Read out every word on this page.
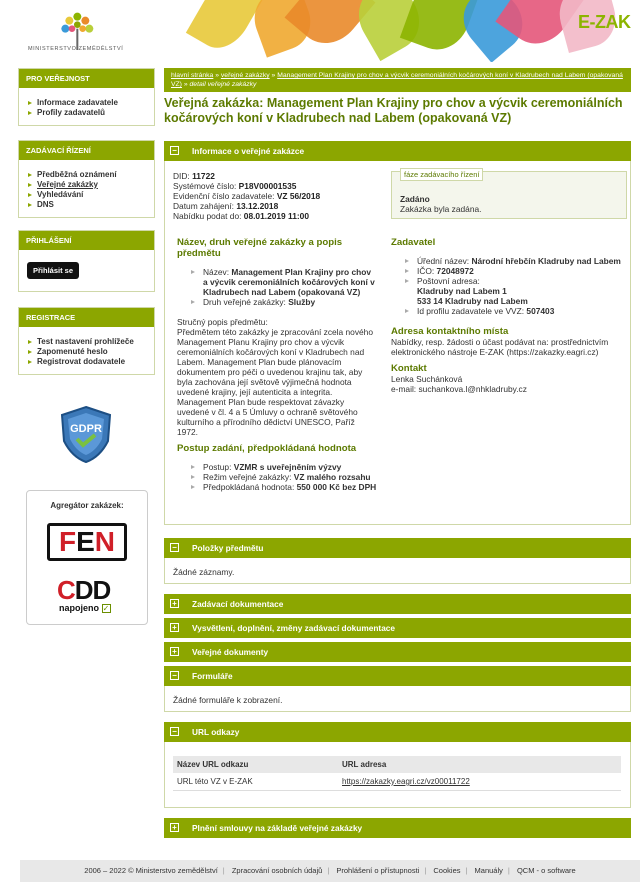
MINISTERSTVO ZEMĚDĚLSTVÍ
E-ZAK
PRO VEŘEJNOST
Informace zadavatele
Profily zadavatelů
ZADÁVACÍ ŘÍZENÍ
Předběžná oznámení
Veřejné zakázky
Vyhledávání
DNS
PŘIHLÁŠENÍ
Přihlásit se
REGISTRACE
Test nastavení prohlížeče
Zapomenuté heslo
Registrovat dodavatele
GDPR
Agregátor zakázek:
FEN
CDD
napojeno ✓
hlavní stránka » veřejné zakázky » Management Plan Krajiny pro chov a výcvik ceremoniálních kočárových koní v Kladrubech nad Labem (opakovaná VZ) » detail veřejné zakázky
Veřejná zakázka: Management Plan Krajiny pro chov a výcvik ceremoniálních kočárových koní v Kladrubech nad Labem (opakovaná VZ)
− Informace o veřejné zakázce
DID: 11722
Systémové číslo: P18V00001535
Evidenční číslo zadavatele: VZ 56/2018
Datum zahájení: 13.12.2018
Nabídku podat do: 08.01.2019 11:00
fáze zadávacího řízení
Zadáno
Zakázka byla zadána.
Název, druh veřejné zakázky a popis předmětu
Název: Management Plan Krajiny pro chov a výcvik ceremoniálních kočárových koní v Kladrubech nad Labem (opakovaná VZ)
Druh veřejné zakázky: Služby
Stručný popis předmětu:
Předmětem této zakázky je zpracování zcela nového Management Planu Krajiny pro chov a výcvik ceremoniálních kočárových koní v Kladrubech nad Labem. Management Plan bude plánovacím dokumentem pro péči o uvedenou krajinu tak, aby byla zachována její světově výjimečná hodnota uvedené krajiny, její autenticita a integrita. Management Plan bude respektovat závazky uvedené v čl. 4 a 5 Úmluvy o ochraně světového kulturního a přírodního dědictví UNESCO, Paříž 1972.
Postup zadání, předpokládaná hodnota
Postup: VZMR s uveřejněním výzvy
Režim veřejné zakázky: VZ malého rozsahu
Předpokládaná hodnota: 550 000 Kč bez DPH
Zadavatel
Úřední název: Národní hřebčín Kladruby nad Labem
IČO: 72048972
Poštovní adresa:
Kladruby nad Labem 1
533 14 Kladruby nad Labem
Id profilu zadavatele ve VVZ: 507403
Adresa kontaktního místa
Nabídky, resp. žádosti o účast podávat na: prostřednictvím elektronického nástroje E-ZAK (https://zakazky.eagri.cz)
Kontakt
Lenka Suchánková
e-mail: suchankova.l@nhkladruby.cz
− Položky předmětu
Žádné záznamy.
+ Zadávací dokumentace
+ Vysvětlení, doplnění, změny zadávací dokumentace
+ Veřejné dokumenty
− Formuláře
Žádné formuláře k zobrazení.
− URL odkazy
Název URL odkazu	URL adresa
URL této VZ v E-ZAK	https://zakazky.eagri.cz/vz00011722
+ Plnění smlouvy na základě veřejné zakázky
2006 – 2022 © Ministerstvo zemědělství | Zpracování osobních údajů | Prohlášení o přístupnosti | Cookies | Manuály | QCM - o software
